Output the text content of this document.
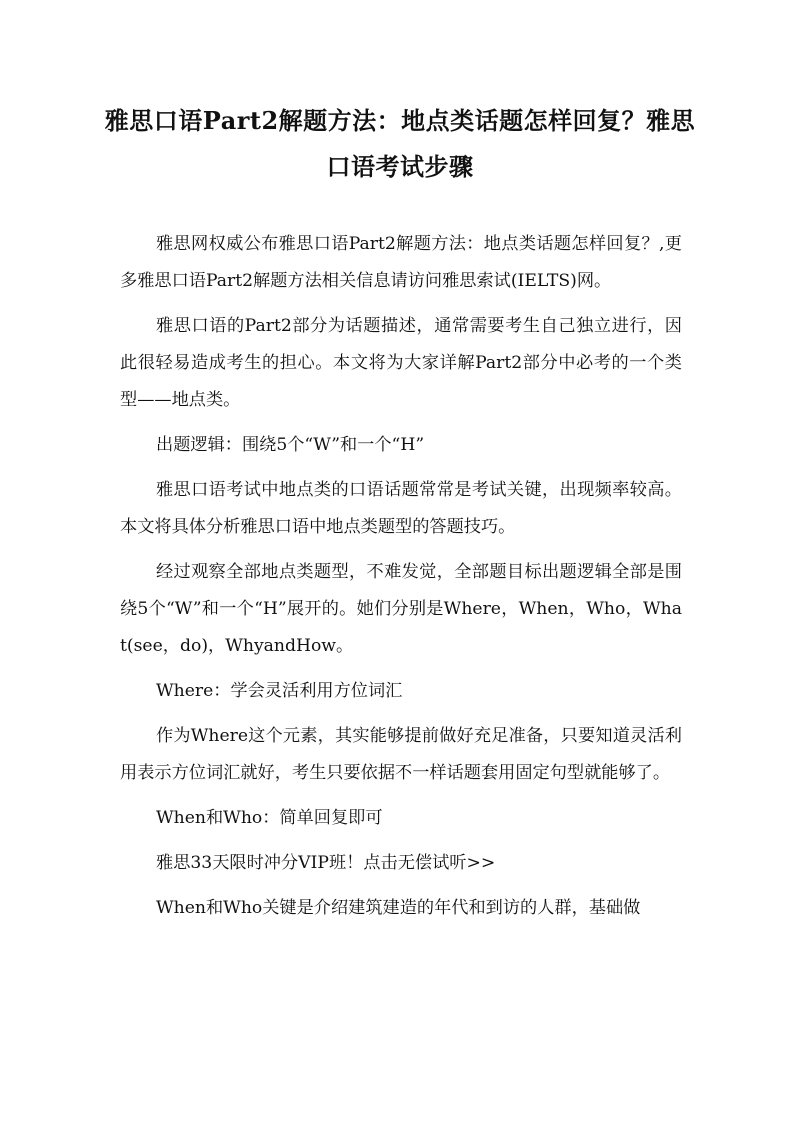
雅思口语Part2解题方法：地点类话题怎样回复？雅思口语考试步骤

雅思网权威公布雅思口语Part2解题方法：地点类话题怎样回复？,更多雅思口语Part2解题方法相关信息请访问雅思索试(IELTS)网。

雅思口语的Part2部分为话题描述，通常需要考生自己独立进行，因此很轻易造成考生的担心。本文将为大家详解Part2部分中必考的一个类型——地点类。

出题逻辑：围绕5个“W”和一个“H”

雅思口语考试中地点类的口语话题常常是考试关键，出现频率较高。本文将具体分析雅思口语中地点类题型的答题技巧。

经过观察全部地点类题型，不难发觉，全部题目标出题逻辑全部是围绕5个“W”和一个“H”展开的。她们分别是Where，When，Who，What(see，do)，WhyandHow。

Where：学会灵活利用方位词汇

作为Where这个元素，其实能够提前做好充足准备，只要知道灵活利用表示方位词汇就好，考生只要依据不一样话题套用固定句型就能够了。

When和Who：简单回复即可

雅思33天限时冲分VIP班！点击无偿试听>>

When和Who关键是介绍建筑建造的年代和到访的人群，基础做
